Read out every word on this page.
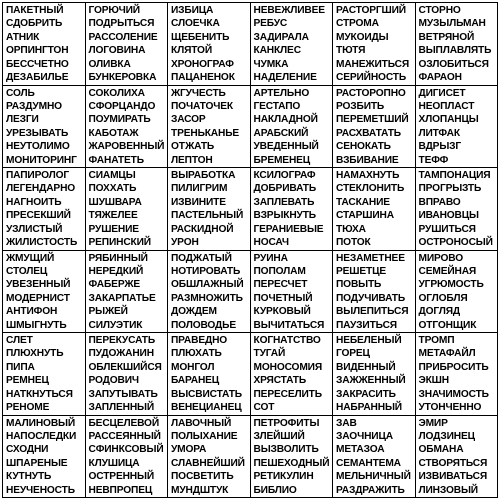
ПАКЕТНЫЙ
СДОБРИТЬ
АТНИК
ОРПИНГТОН
БЕССЧЕТНО
ДЕЗАБИЛЬЕ
ГОРЮЧИЙ
ПОДРЫТЬСЯ
РАССОЛЕНИЕ
ЛОГОВИНА
ОЛИВКА
БУНКЕРОВКА
ИЗБИЦА
СЛОЕЧКА
ЩЕБЕНИТЬ
КЛЯТОЙ
ХРОНОГРАФ
ПАЦАНЕНОК
НЕВЕЖЛИВЕЕ
РЕБУС
ЗАДИРАЛА
КАНКЛЕС
ЧУМКА
НАДЕЛЕНИЕ
РАСТОРГШИЙ
СТРОМА
МУКОИДЫ
ТЮТЯ
МАНЕЖИТЬСЯ
СЕРИЙНОСТЬ
СТОРНО
МУЗЫЛЬМАН
ВЕТРЯНОЙ
ВЫПЛАВЛЯТЬ
ОЗЛОБИТЬСЯ
ФАРАОН
СОЛЬ
РАЗДУМНО
ЛЕЗГИ
УРЕЗЫВАТЬ
НЕУТОЛИМО
МОНИТОРИНГ
СОКОЛИХА
СФОРЦАНДО
ПОУМИРАТЬ
КАБОТАЖ
ЖАРОВЕННЫЙ
ФАНАТЕТЬ
ЖГУЧЕСТЬ
ПОЧАТОЧЕК
ЗАСОР
ТРЕНЬКАНЬЕ
ОТЖАТЬ
ЛЕПТОН
АРТЕЛЬНО
ГЕСТАПО
НАКЛАДНОЙ
АРАБСКИЙ
УВЕДЕННЫЙ
БРЕМЕНЕЦ
РАСТОРОПНО
РОЗБИТЬ
ПЕРЕМЕТШИЙ
РАСХВАТАТЬ
СЕНОКАТЬ
ВЗБИВАНИЕ
ДИГИСЕТ
НЕОПЛАСТ
ХЛОПАНЦЫ
ЛИТФАК
ВДРЫЗГ
ТЕФФ
ПАПИРОЛОГ
ЛЕГЕНДАРНО
НАГНОИТЬ
ПРЕСЕКШИЙ
УЗЛИСТЫЙ
ЖИЛИСТОСТЬ
СИАМЦЫ
ПОХХАТЬ
ШУШВАРА
ТЯЖЕЛЕЕ
РУШЕНИЕ
РЕПИНСКИЙ
ВЫРАБОТКА
ПИЛИГРИМ
ИЗВИНИТЕ
ПАСТЕЛЬНЫЙ
РАСКИДНОЙ
УРОН
КСИЛОГРАФ
ДОБРИВАТЬ
ЗАПЛЕВАТЬ
ВЗРЫКНУТЬ
ГЕРАНИЕВЫЕ
НОСАЧ
НАМАХНУТЬ
СТЕКЛОНИТЬ
ТАСКАНИЕ
СТАРШИНА
ТЮХА
ПОТОК
ТАМПОНАЦИЯ
ПРОГРЫЗТЬ
ВПРАВО
ИВАНОВЦЫ
РУШИТЬСЯ
ОСТРОНОСЫЙ
ЖМУЩИЙ
СТОЛЕЦ
УВЕЗЕННЫЙ
МОДЕРНИСТ
АНТИФОН
ШМЫГНУТЬ
РЯБИННЫЙ
НЕРЕДКИЙ
ФАБЕРЖЕ
ЗАКАРПАТЬЕ
РЫЖЕЙ
СИЛУЭТИК
ПОДЖАТЫЙ
НОТИРОВАТЬ
ОБШЛАЖНЫЙ
РАЗМНОЖИТЬ
ДОЖДЕМ
ПОЛОВОДЬЕ
РУИНА
ПОПОЛАМ
ПЕРЕСЧЕТ
ПОЧЕТНЫЙ
КУРКОВЫЙ
ВЫЧИТАТЬСЯ
НЕЗАМЕТНЕЕ
РЕШЕТЦЕ
ПОВЫТЬ
ПОДУЧИВАТЬ
ВЫЛЕПИТЬСЯ
ПАУЗИТЬСЯ
МИРОВО
СЕМЕЙНАЯ
УГРЮМОСТЬ
ОГЛОБЛЯ
ДОГЛЯД
ОТГОНЩИК
СЛЕТ
ПЛЮХНУТЬ
ПИПА
РЕМНЕЦ
НАТКНУТЬСЯ
РЕНОМЕ
ПЕРЕКУСАТЬ
ПУДОЖАНИН
ОБЛЕКШИЙСЯ
РОДОВИЧ
ЗАПУТЫВАТЬ
ЗАПЛЕННЫЙ
ПРАВЕДНО
ПЛЮХАТЬ
МОНГОЛ
БАРАНЕЦ
ВЫСВИСТАТЬ
ВЕНЕЦИАНЕЦ
КОГНАТСТВО
ТУГАЙ
МОНОСОМИЯ
ХРЯСТАТЬ
ПЕРЕСЕЛИТЬ
СОТ
НЕБЕЛЕНЫЙ
ГОРЕЦ
ВИДЕННЫЙ
ЗАЖЖЕННЫЙ
ЗАКРАСИТЬ
НАБРАННЫЙ
ТРОМП
МЕТАФАЙЛ
ПРИБРОСИТЬ
ЭКШН
ЗНАЧИМОСТЬ
УТОНЧЕННО
МАЛИНОВЫЙ
НАПОСЛЕДКИ
СХОДНИ
ШПАРЕНЫЕ
КУТНУТЬ
НЕУЧЕНОСТЬ
БЕСЦЕЛЕВОЙ
РАССЕЯННЫЙ
СФИНКСОВЫЙ
КЛУШИЦА
ОСТРЕННЫЙ
НЕВПРОПЕЦ
ЛАВОЧНЫЙ
ПОЛЫХАНИЕ
УМОРА
СЛАВНЕЙШИЙ
ПОСВЕТИТЬ
МУНДШТУК
ПЕТРОФИТЫ
ЗЛЕЙШИЙ
ВЫЗВОЛИТЬ
ПЕШЕХОДНЫЙ
РЕТИКУЛИН
БИБЛИО
ЗАВ
ЗАОЧНИЦА
МЕТАЗОА
СЕМАНТЕМА
МЕЛЬНИЧНЫЙ
РАЗДРАЖИТЬ
ЭМИР
ЛОДЗИНЕЦ
ОБМАНА
СТВОРЯТЬСЯ
ИЗВИВАТЬСЯ
ЛИНЗОВЫЙ
